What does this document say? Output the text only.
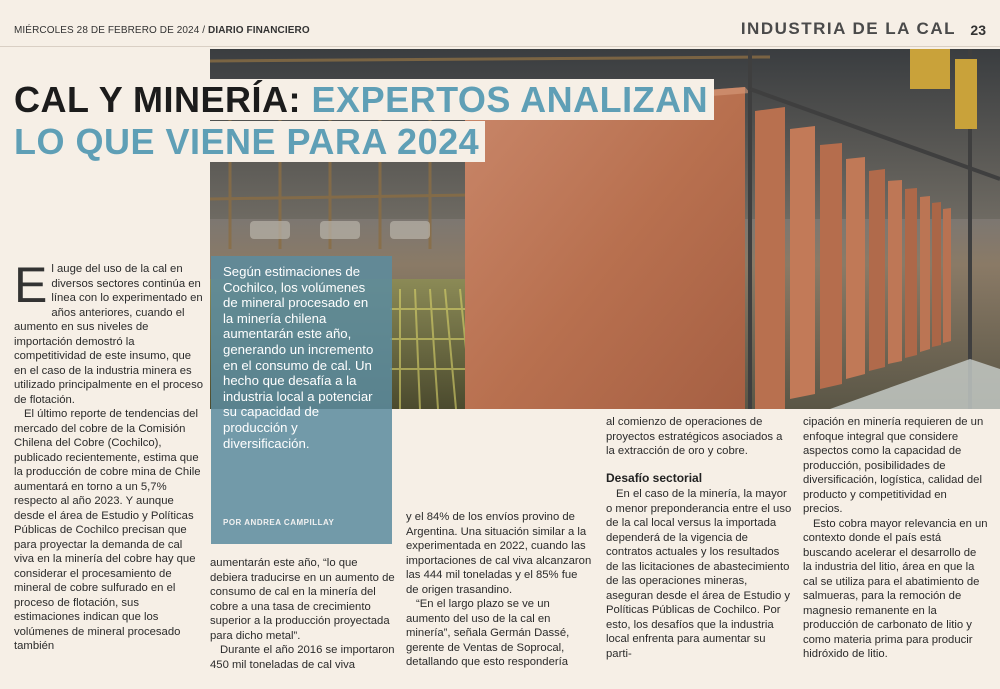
MIÉRCOLES 28 DE FEBRERO DE 2024 / DIARIO FINANCIERO	INDUSTRIA DE LA CAL 23
CAL Y MINERÍA: EXPERTOS ANALIZAN
LO QUE VIENE PARA 2024
Según estimaciones de Cochilco, los volúmenes de mineral procesado en la minería chilena aumentarán este año, generando un incremento en el consumo de cal. Un hecho que desafía a la industria local a potenciar su capacidad de producción y diversificación.
POR ANDREA CAMPILLAY

El auge del uso de la cal en diversos sectores continúa en línea con lo experimentado en años anteriores, cuando el aumento en sus niveles de importación demostró la competitividad de este insumo, que en el caso de la industria minera es utilizado principalmente en el proceso de flotación.

El último reporte de tendencias del mercado del cobre de la Comisión Chilena del Cobre (Cochilco), publicado recientemente, estima que la producción de cobre mina de Chile aumentará en torno a un 5,7% respecto al año 2023. Y aunque desde el área de Estudio y Políticas Públicas de Cochilco precisan que para proyectar la demanda de cal viva en la minería del cobre hay que considerar el procesamiento de mineral de cobre sulfurado en el proceso de flotación, sus estimaciones indican que los volúmenes de mineral procesado también

aumentarán este año, “lo que debiera traducirse en un aumento de consumo de cal en la minería del cobre a una tasa de crecimiento superior a la producción proyectada para dicho metal”.

Durante el año 2016 se importaron 450 mil toneladas de cal viva

y el 84% de los envíos provino de Argentina. Una situación similar a la experimentada en 2022, cuando las importaciones de cal viva alcanzaron las 444 mil toneladas y el 85% fue de origen trasandino.

“En el largo plazo se ve un aumento del uso de la cal en minería”, señala Germán Dassé, gerente de Ventas de Soprocal, detallando que esto respondería

al comienzo de operaciones de proyectos estratégicos asociados a la extracción de oro y cobre.

Desafío sectorial

En el caso de la minería, la mayor o menor preponderancia entre el uso de la cal local versus la importada dependerá de la vigencia de contratos actuales y los resultados de las licitaciones de abastecimiento de las operaciones mineras, aseguran desde el área de Estudio y Políticas Públicas de Cochilco. Por esto, los desafíos que la industria local enfrenta para aumentar su parti-

cipación en minería requieren de un enfoque integral que considere aspectos como la capacidad de producción, posibilidades de diversificación, logística, calidad del producto y competitividad en precios.

Esto cobra mayor relevancia en un contexto donde el país está buscando acelerar el desarrollo de la industria del litio, área en que la cal se utiliza para el abatimiento de salmueras, para la remoción de magnesio remanente en la producción de carbonato de litio y como materia prima para producir hidróxido de litio.
